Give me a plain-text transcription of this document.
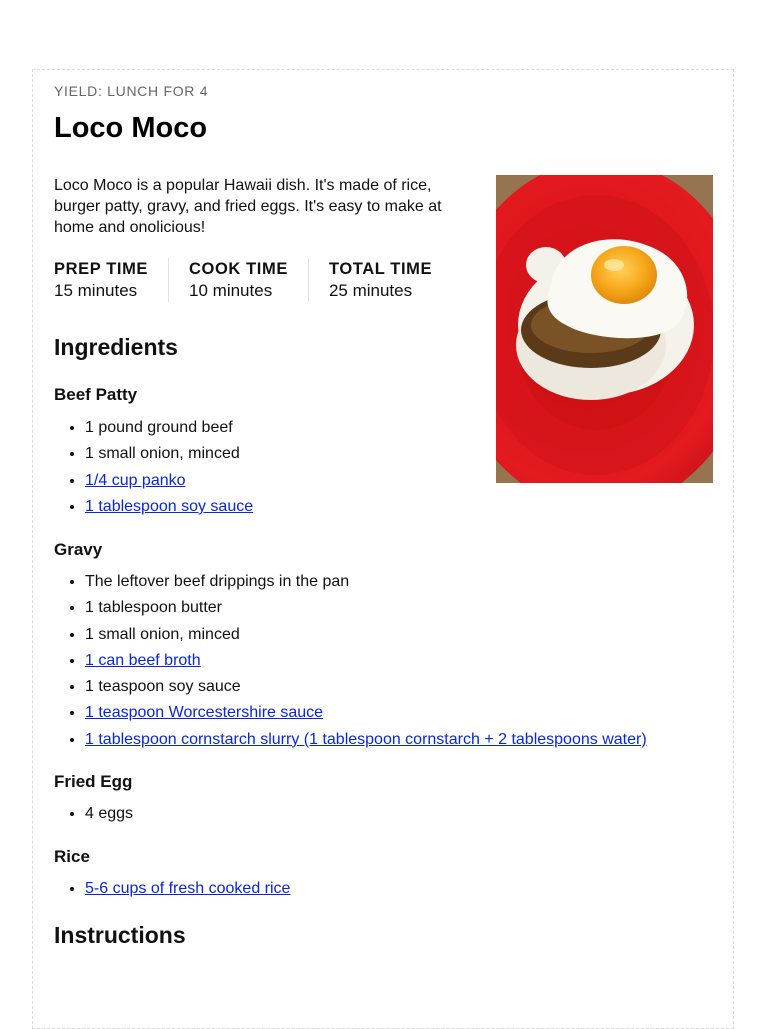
YIELD: LUNCH FOR 4
Loco Moco

Loco Moco is a popular Hawaii dish. It's made of rice, burger patty, gravy, and fried eggs. It's easy to make at home and onolicious!

PREP TIME
15 minutes
COOK TIME
10 minutes
TOTAL TIME
25 minutes
Ingredients
Beef Patty
• 1 pound ground beef
• 1 small onion, minced
• 1/4 cup panko
• 1 tablespoon soy sauce
Gravy
• The leftover beef drippings in the pan
• 1 tablespoon butter
• 1 small onion, minced
• 1 can beef broth
• 1 teaspoon soy sauce
• 1 teaspoon Worcestershire sauce
• 1 tablespoon cornstarch slurry (1 tablespoon cornstarch + 2 tablespoons water)
Fried Egg
• 4 eggs
Rice
• 5-6 cups of fresh cooked rice
Instructions
